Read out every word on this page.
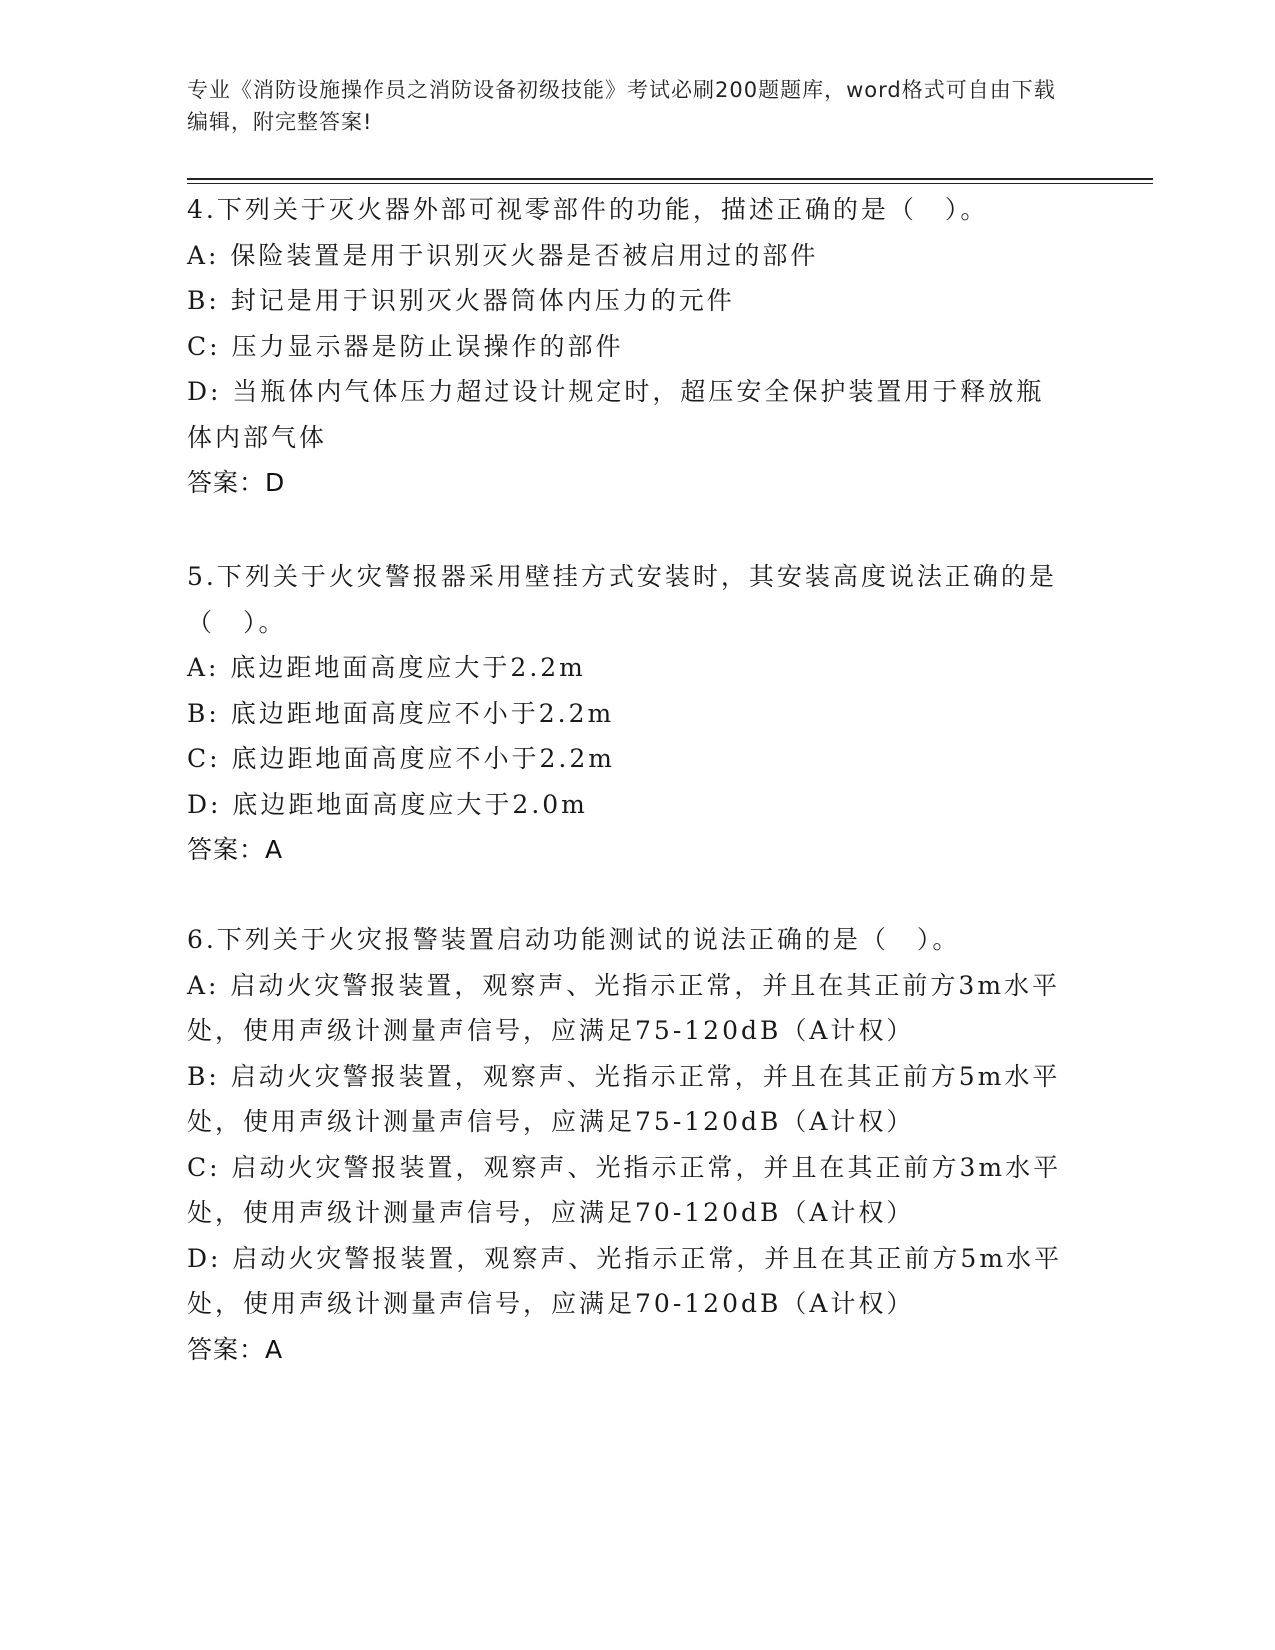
专业《消防设施操作员之消防设备初级技能》考试必刷200题题库，word格式可自由下载编辑，附完整答案!
4.下列关于灭火器外部可视零部件的功能，描述正确的是（　）。
A: 保险装置是用于识别灭火器是否被启用过的部件
B: 封记是用于识别灭火器筒体内压力的元件
C: 压力显示器是防止误操作的部件
D: 当瓶体内气体压力超过设计规定时，超压安全保护装置用于释放瓶体内部气体
答案：D
5.下列关于火灾警报器采用壁挂方式安装时，其安装高度说法正确的是（　）。
A: 底边距地面高度应大于2.2m
B: 底边距地面高度应不小于2.2m
C: 底边距地面高度应不小于2.2m
D: 底边距地面高度应大于2.0m
答案：A
6.下列关于火灾报警装置启动功能测试的说法正确的是（　）。
A: 启动火灾警报装置，观察声、光指示正常，并且在其正前方3m水平处，使用声级计测量声信号，应满足75-120dB（A计权）
B: 启动火灾警报装置，观察声、光指示正常，并且在其正前方5m水平处，使用声级计测量声信号，应满足75-120dB（A计权）
C: 启动火灾警报装置，观察声、光指示正常，并且在其正前方3m水平处，使用声级计测量声信号，应满足70-120dB（A计权）
D: 启动火灾警报装置，观察声、光指示正常，并且在其正前方5m水平处，使用声级计测量声信号，应满足70-120dB（A计权）
答案：A
